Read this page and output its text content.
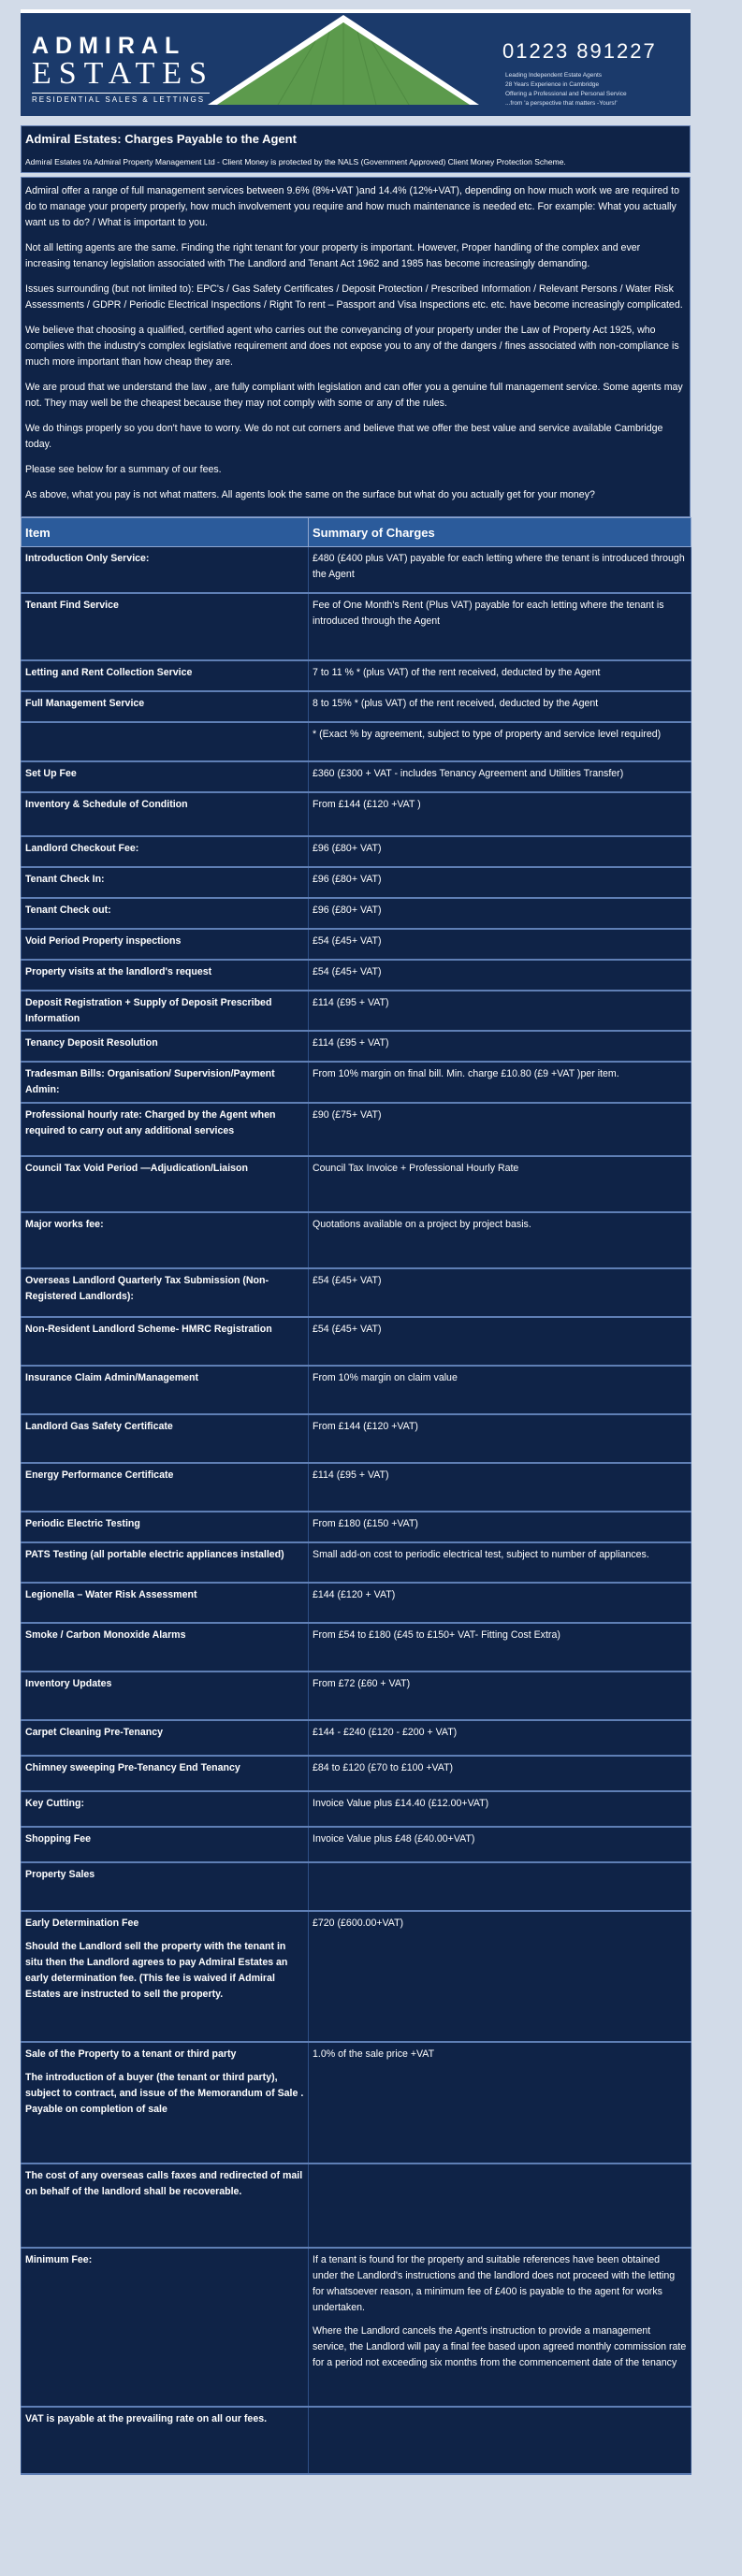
ADMIRAL
ESTATES
RESIDENTIAL SALES & LETTINGS
01223 891227
Leading Independent Estate Agents
28 Years Experience in Cambridge
Offering a Professional and Personal Service
...from 'a perspective that matters -Yours!'
Admiral Estates: Charges Payable to the Agent
Admiral Estates t/a Admiral Property Management Ltd - Client Money is protected by the NALS (Government Approved) Client Money Protection Scheme.

Admiral offer a range of full management services between 9.6% (8%+VAT )and 14.4% (12%+VAT), depending on how much work we are required to do to manage your property properly, how much involvement you require and how much maintenance is needed etc. For example: What you actually want us to do? / What is important to you.

Not all letting agents are the same. Finding the right tenant for your property is important. However, Proper handling of the complex and ever increasing tenancy legislation associated with The Landlord and Tenant Act 1962 and 1985 has become increasingly demanding.

Issues surrounding (but not limited to): EPC's / Gas Safety Certificates / Deposit Protection / Prescribed Information / Relevant Persons / Water Risk Assessments / GDPR / Periodic Electrical Inspections / Right To rent – Passport and Visa Inspections etc. etc. have become increasingly complicated.

We believe that choosing a qualified, certified agent who carries out the conveyancing of your property under the Law of Property Act 1925, who complies with the industry's complex legislative requirement and does not expose you to any of the dangers / fines associated with non-compliance is much more important than how cheap they are.

We are proud that we understand the law , are fully compliant with legislation and can offer you a genuine full management service. Some agents may not. They may well be the cheapest because they may not comply with some or any of the rules.

We do things properly so you don't have to worry. We do not cut corners and believe that we offer the best value and service available Cambridge today.

Please see below for a summary of our fees.

As above, what you pay is not what matters. All agents look the same on the surface but what do you actually get for your money?

Item	Summary of Charges

Introduction Only Service:	£480 (£400 plus VAT) payable for each letting where the tenant is introduced through the Agent

Tenant Find Service	Fee of One Month's Rent (Plus VAT) payable for each letting where the tenant is introduced through the Agent

Letting and Rent Collection Service	7 to 11 % * (plus VAT) of the rent received, deducted by the Agent

Full Management Service	8 to 15% * (plus VAT) of the rent received, deducted by the Agent

	* (Exact % by agreement, subject to type of property and service level required)

Set Up Fee	£360 (£300 + VAT - includes Tenancy Agreement and Utilities Transfer)

Inventory & Schedule of Condition	From £144 (£120 +VAT )

Landlord Checkout Fee:	£96 (£80+ VAT)

Tenant Check In:	£96 (£80+ VAT)

Tenant Check out:	£96 (£80+ VAT)

Void Period Property inspections	£54 (£45+ VAT)

Property visits at the landlord's request	£54 (£45+ VAT)

Deposit Registration + Supply of Deposit Prescribed Information	£114 (£95 + VAT)

Tenancy Deposit Resolution	£114 (£95 + VAT)

Tradesman Bills: Organisation/ Supervision/Payment Admin:	From 10% margin on final bill. Min. charge £10.80 (£9 +VAT )per item.

Professional hourly rate: Charged by the Agent when required to carry out any additional services	£90 (£75+ VAT)

Council Tax Void Period —Adjudication/Liaison	Council Tax Invoice + Professional Hourly Rate

Major works fee:	Quotations available on a project by project basis.

Overseas Landlord Quarterly Tax Submission (Non-Registered Landlords):	£54 (£45+ VAT)

Non-Resident Landlord Scheme- HMRC Registration	£54 (£45+ VAT)

Insurance Claim Admin/Management	From 10% margin on claim value

Landlord Gas Safety Certificate	From £144 (£120 +VAT)

Energy Performance Certificate	£114 (£95 + VAT)

Periodic Electric Testing	From £180 (£150 +VAT)

PATS Testing (all portable electric appliances installed)	Small add-on cost to periodic electrical test, subject to number of appliances.

Legionella – Water Risk Assessment	£144 (£120 + VAT)

Smoke / Carbon Monoxide Alarms	From £54 to £180 (£45 to £150+ VAT- Fitting Cost Extra)

Inventory Updates	From £72 (£60 + VAT)

Carpet Cleaning Pre-Tenancy	£144 - £240 (£120 - £200 + VAT)

Chimney sweeping Pre-Tenancy End Tenancy	£84 to £120 (£70 to £100 +VAT)

Key Cutting:	Invoice Value plus £14.40 (£12.00+VAT)

Shopping Fee	Invoice Value plus £48 (£40.00+VAT)

Property Sales	

Early Determination Fee
Should the Landlord sell the property with the tenant in situ then the Landlord agrees to pay Admiral Estates an early determination fee. (This fee is waived if Admiral Estates are instructed to sell the property.	£720 (£600.00+VAT)

Sale of the Property to a tenant or third party
The introduction of a buyer (the tenant or third party), subject to contract, and issue of the Memorandum of Sale . Payable on completion of sale	1.0% of the sale price +VAT

The cost of any overseas calls faxes and redirected of mail on behalf of the landlord shall be recoverable.	

Minimum Fee:	If a tenant is found for the property and suitable references have been obtained under the Landlord's instructions and the landlord does not proceed with the letting for whatsoever reason, a minimum fee of £400 is payable to the agent for works undertaken.

Where the Landlord cancels the Agent's instruction to provide a management service, the Landlord will pay a final fee based upon agreed monthly commission rate for a period not exceeding six months from the commencement date of the tenancy

VAT is payable at the prevailing rate on all our fees.	
